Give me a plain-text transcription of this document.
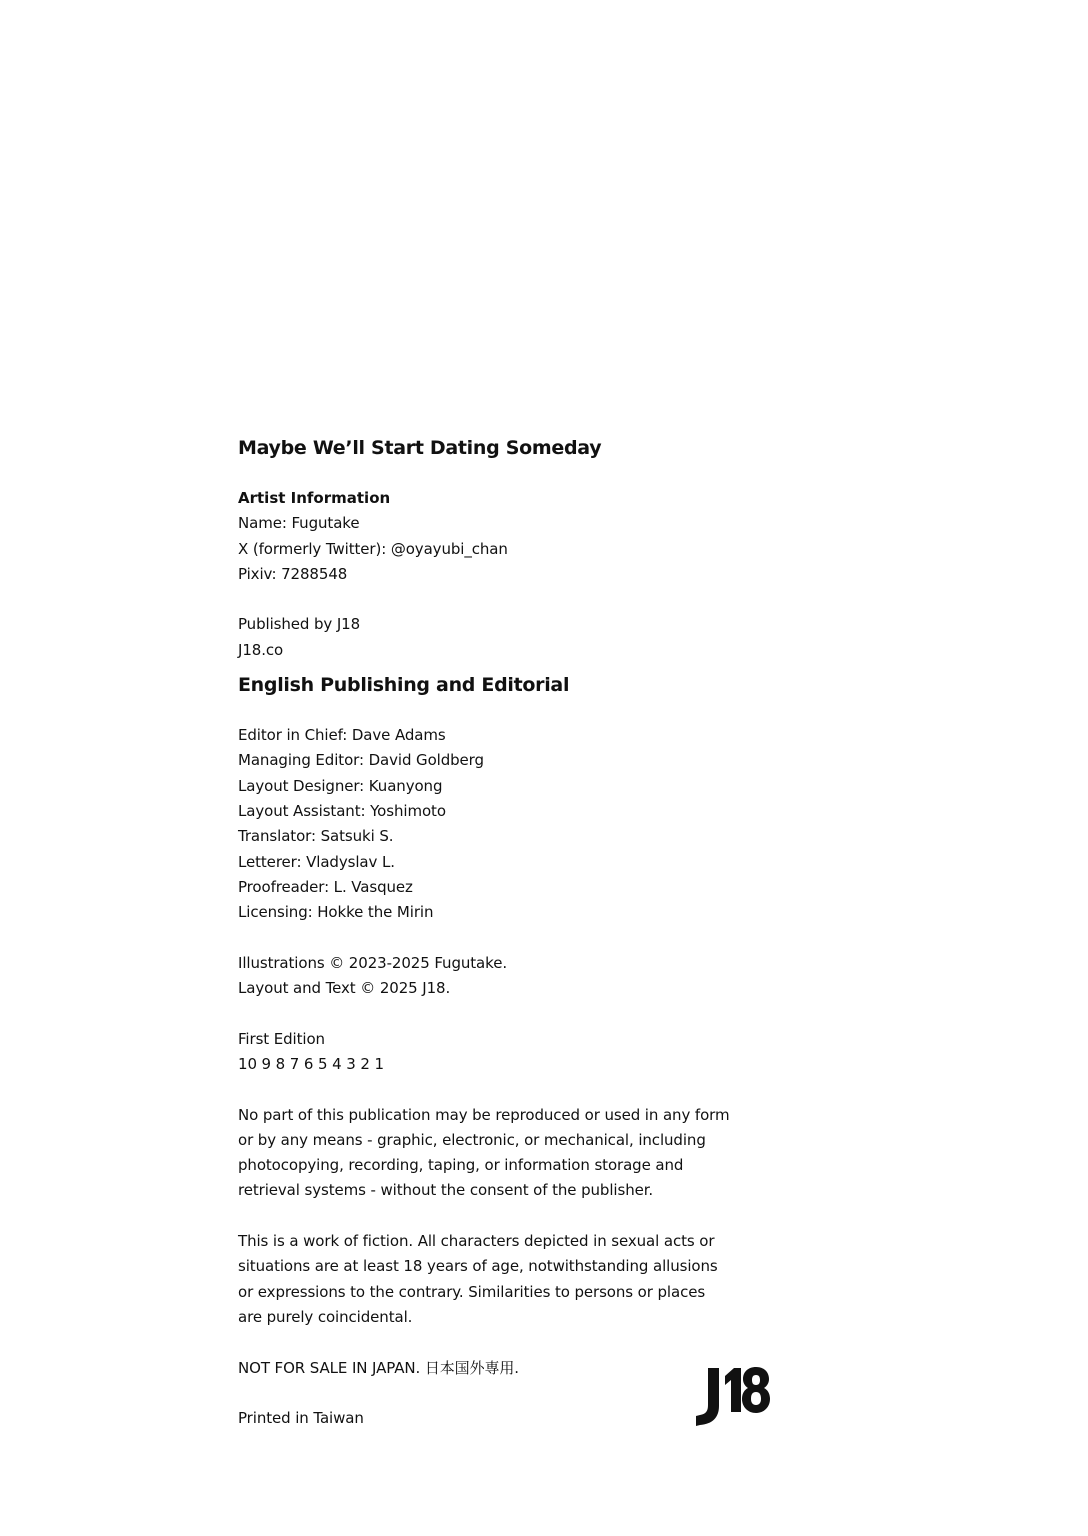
Maybe We’ll Start Dating Someday

Artist Information

Name: Fugutake

X (formerly Twitter): @oyayubi_chan

Pixiv: 7288548

Published by J18

J18.co

English Publishing and Editorial

Editor in Chief: Dave Adams

Managing Editor: David Goldberg

Layout Designer: Kuanyong

Layout Assistant: Yoshimoto

Translator: Satsuki S.

Letterer: Vladyslav L.

Proofreader: L. Vasquez

Licensing: Hokke the Mirin

Illustrations © 2023-2025 Fugutake.

Layout and Text © 2025 J18.

First Edition

10 9 8 7 6 5 4 3 2 1

No part of this publication may be reproduced or used in any form

or by any means - graphic, electronic, or mechanical, including

photocopying, recording, taping, or information storage and

retrieval systems - without the consent of the publisher.

This is a work of fiction. All characters depicted in sexual acts or

situations are at least 18 years of age, notwithstanding allusions

or expressions to the contrary. Similarities to persons or places

are purely coincidental.

NOT FOR SALE IN JAPAN. 日本国外専用.

Printed in Taiwan
